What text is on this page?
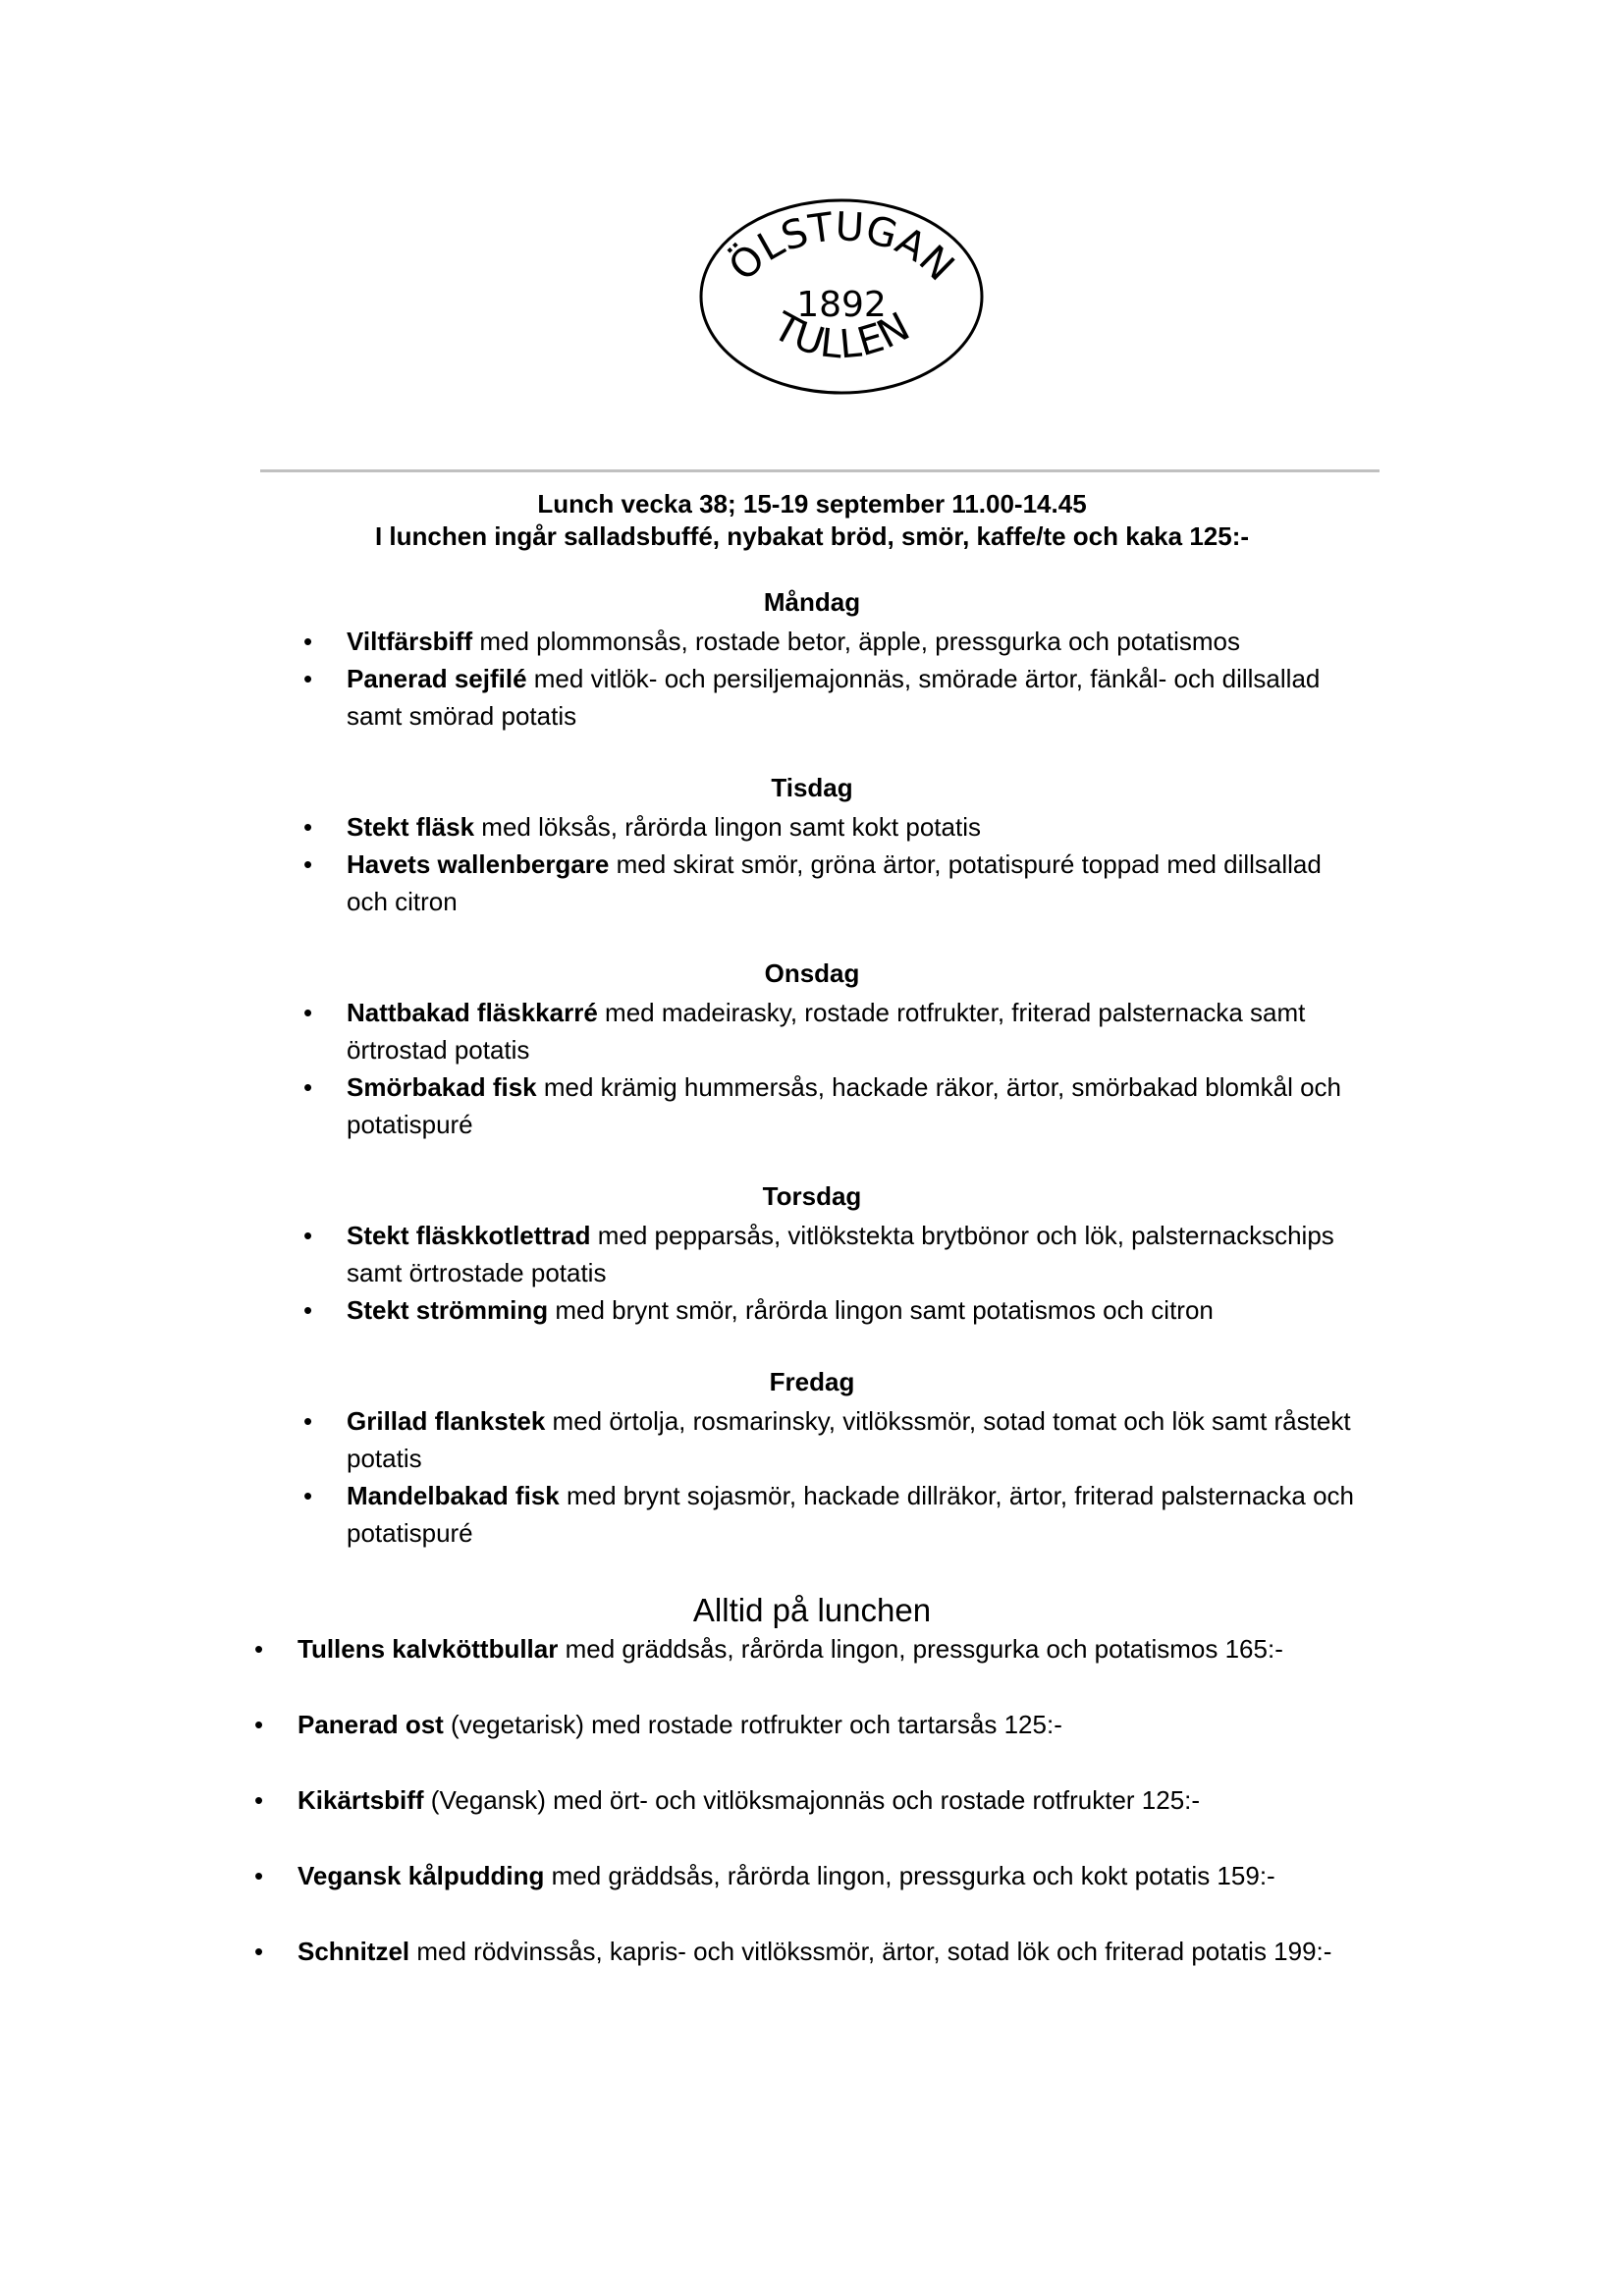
ÖLSTUGAN
1892
TULLEN
Lunch vecka 38; 15-19 september 11.00-14.45
I lunchen ingår salladsbuffé, nybakat bröd, smör, kaffe/te och kaka 125:-
Måndag
• Viltfärsbiff med plommonsås, rostade betor, äpple, pressgurka och potatismos
• Panerad sejfilé med vitlök- och persiljemajonnäs, smörade ärtor, fänkål- och dillsallad
samt smörad potatis
Tisdag
• Stekt fläsk med löksås, rårörda lingon samt kokt potatis
• Havets wallenbergare med skirat smör, gröna ärtor, potatispuré toppad med dillsallad
och citron
Onsdag
• Nattbakad fläskkarré med madeirasky, rostade rotfrukter, friterad palsternacka samt
örtrostad potatis
• Smörbakad fisk med krämig hummersås, hackade räkor, ärtor, smörbakad blomkål och
potatispuré
Torsdag
• Stekt fläskkotlettrad med pepparsås, vitlökstekta brytbönor och lök, palsternackschips
samt örtrostade potatis
• Stekt strömming med brynt smör, rårörda lingon samt potatismos och citron
Fredag
• Grillad flankstek med örtolja, rosmarinsky, vitlökssmör, sotad tomat och lök samt råstekt
potatis
• Mandelbakad fisk med brynt sojasmör, hackade dillräkor, ärtor, friterad palsternacka och
potatispuré
Alltid på lunchen
• Tullens kalvköttbullar med gräddsås, rårörda lingon, pressgurka och potatismos 165:-
• Panerad ost (vegetarisk) med rostade rotfrukter och tartarsås 125:-
• Kikärtsbiff (Vegansk) med ört- och vitlöksmajonnäs och rostade rotfrukter 125:-
• Vegansk kålpudding med gräddsås, rårörda lingon, pressgurka och kokt potatis 159:-
• Schnitzel med rödvinssås, kapris- och vitlökssmör, ärtor, sotad lök och friterad potatis 199:-
